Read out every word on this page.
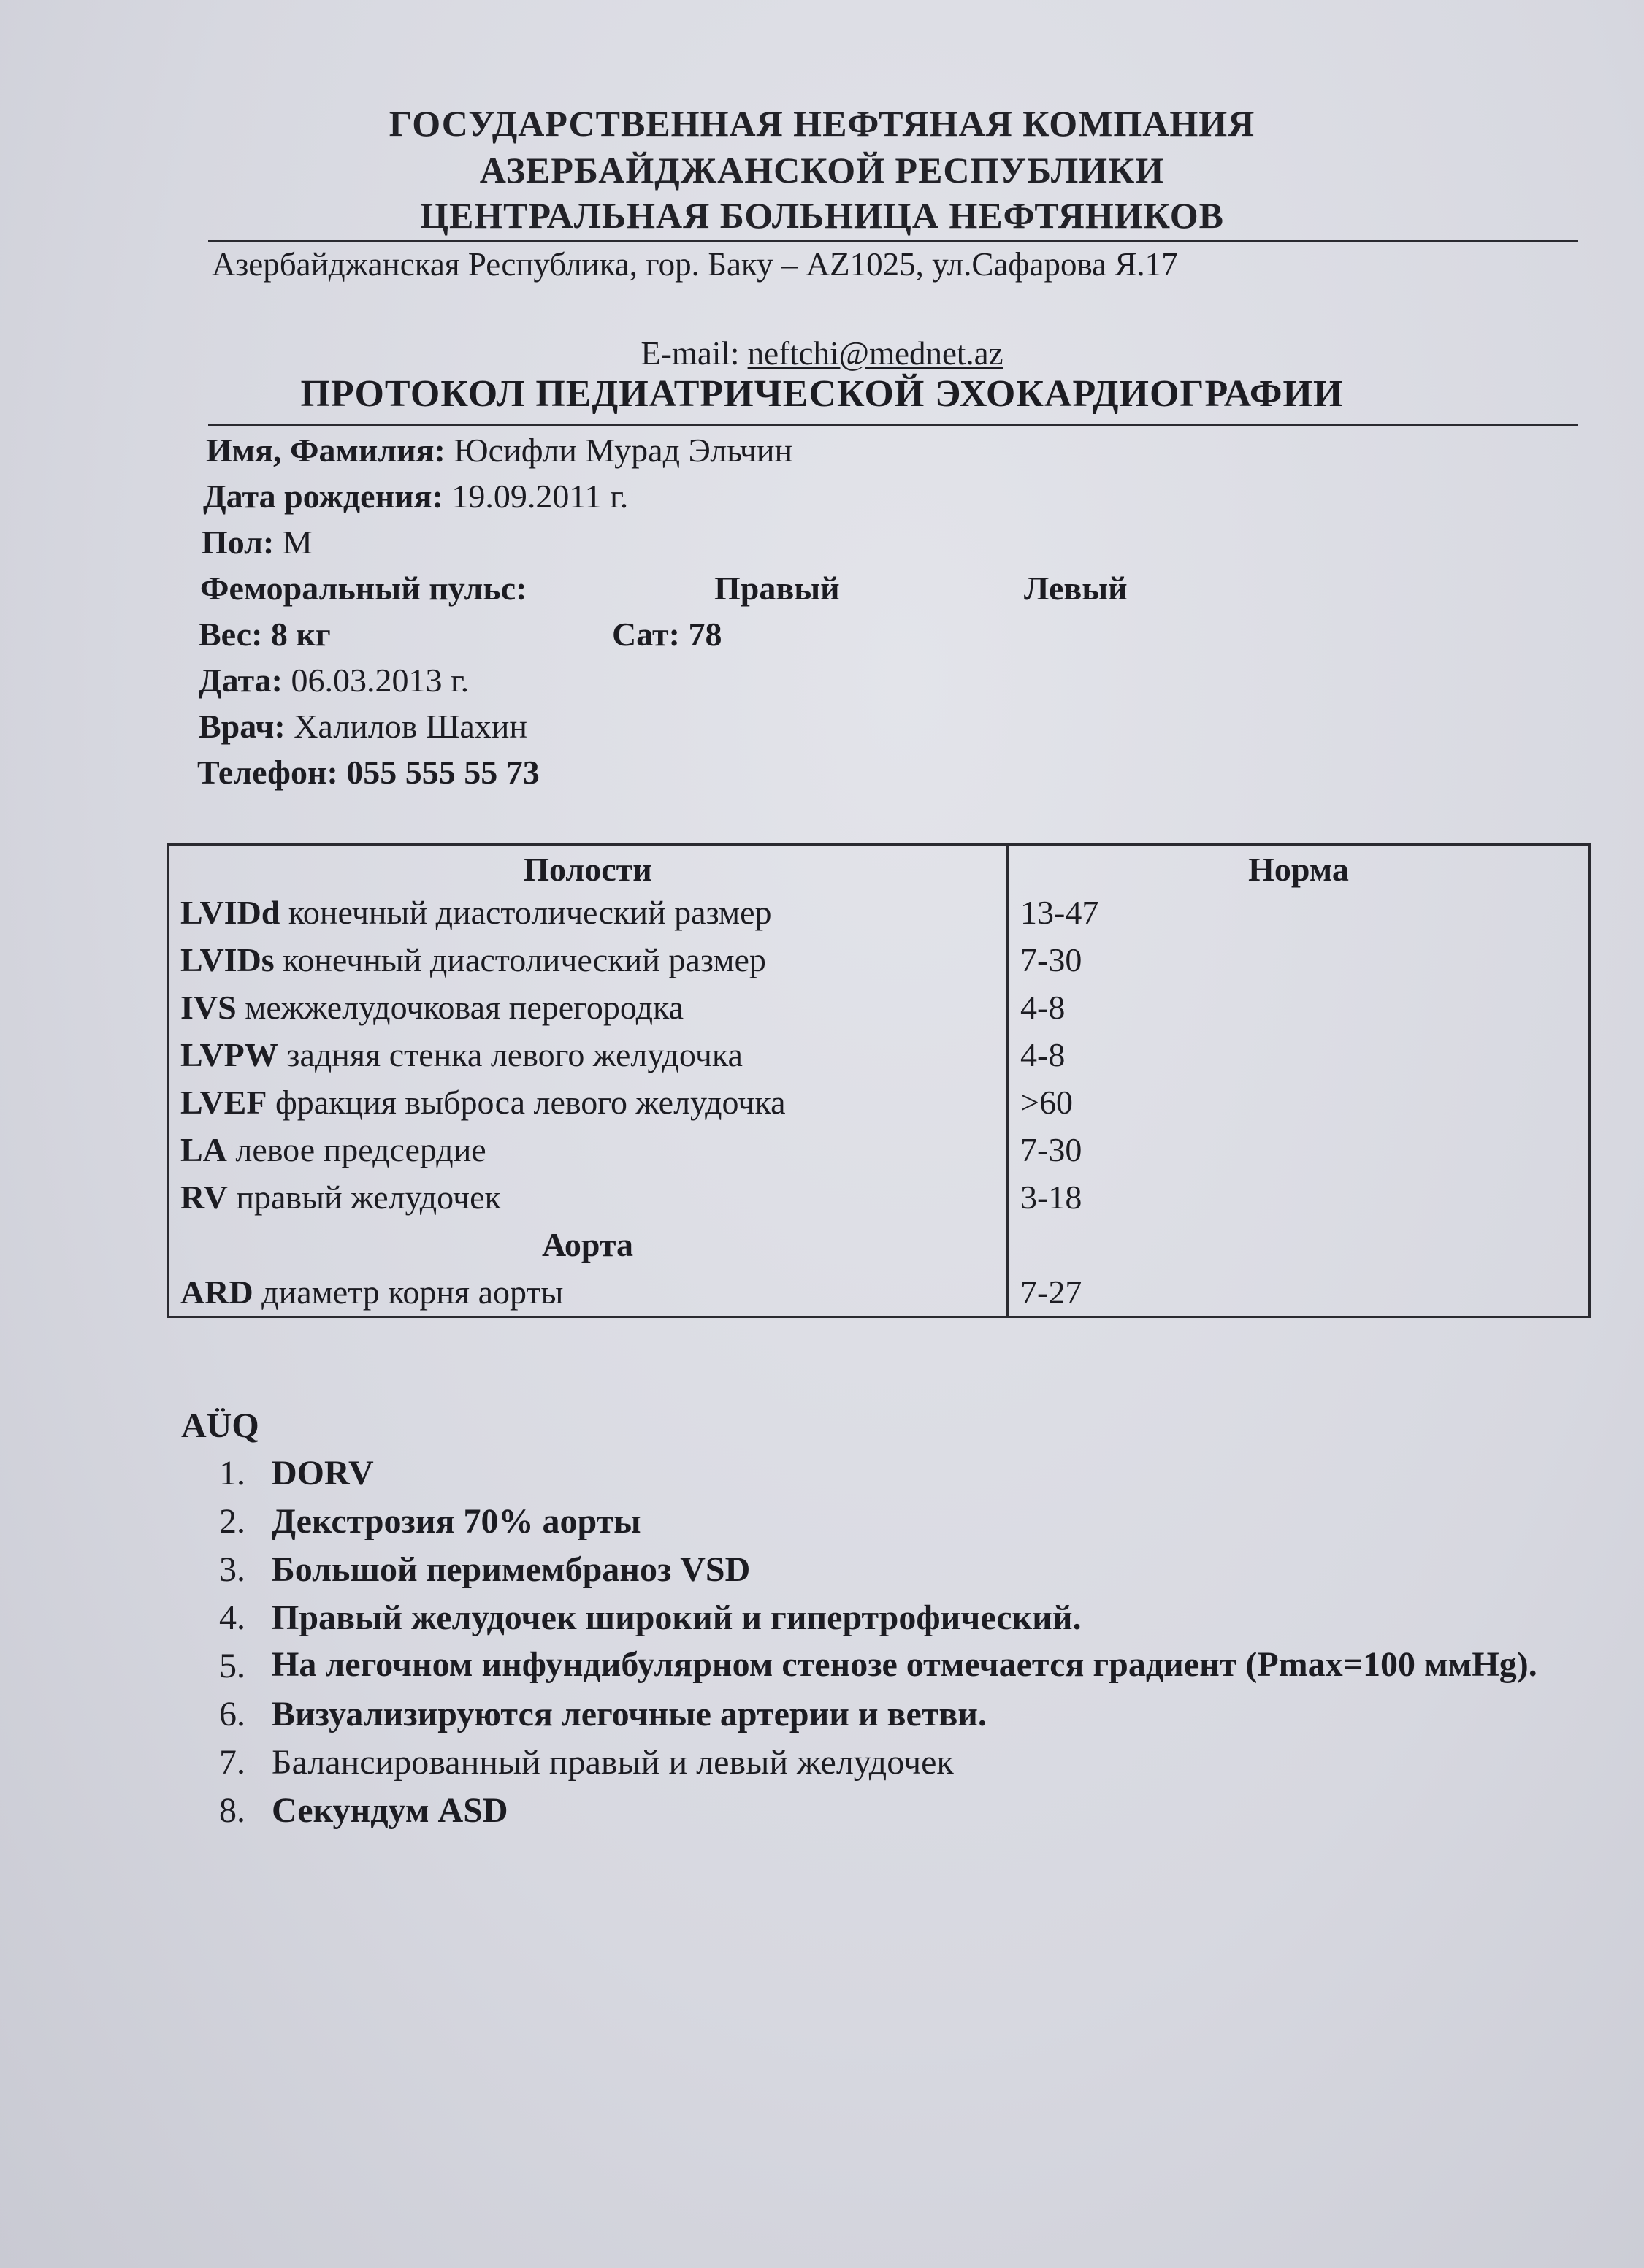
ГОСУДАРСТВЕННАЯ НЕФТЯНАЯ КОМПАНИЯ
АЗЕРБАЙДЖАНСКОЙ РЕСПУБЛИКИ
ЦЕНТРАЛЬНАЯ БОЛЬНИЦА НЕФТЯНИКОВ
Азербайджанская Республика, гор. Баку – AZ1025, ул.Сафарова Я.17
E-mail: neftchi@mednet.az
ПРОТОКОЛ ПЕДИАТРИЧЕСКОЙ ЭХОКАРДИОГРАФИИ
Имя, Фамилия: Юсифли Мурад Эльчин
Дата рождения: 19.09.2011 г.
Пол: М
Феморальный пульс:	Правый	Левый
Вес: 8 кг	Сат: 78
Дата: 06.03.2013 г.
Врач: Халилов Шахин
Телефон: 055 555 55 73
Полости	Норма
LVIDd конечный диастолический размер	13-47
LVIDs конечный диастолический размер	7-30
IVS межжелудочковая перегородка	4-8
LVPW задняя стенка левого желудочка	4-8
LVEF фракция выброса левого желудочка	>60
LA левое предсердие	7-30
RV правый желудочек	3-18
Аорта	
ARD диаметр корня аорты	7-27
AÜQ
1. DORV
2. Декстрозия 70% аорты
3. Большой перимембраноз VSD
4. Правый желудочек широкий и гипертрофический.
5. На легочном инфундибулярном стенозе отмечается градиент (Pmax=100 ммHg).
6. Визуализируются легочные артерии и ветви.
7. Балансированный правый и левый желудочек
8. Секундум ASD
